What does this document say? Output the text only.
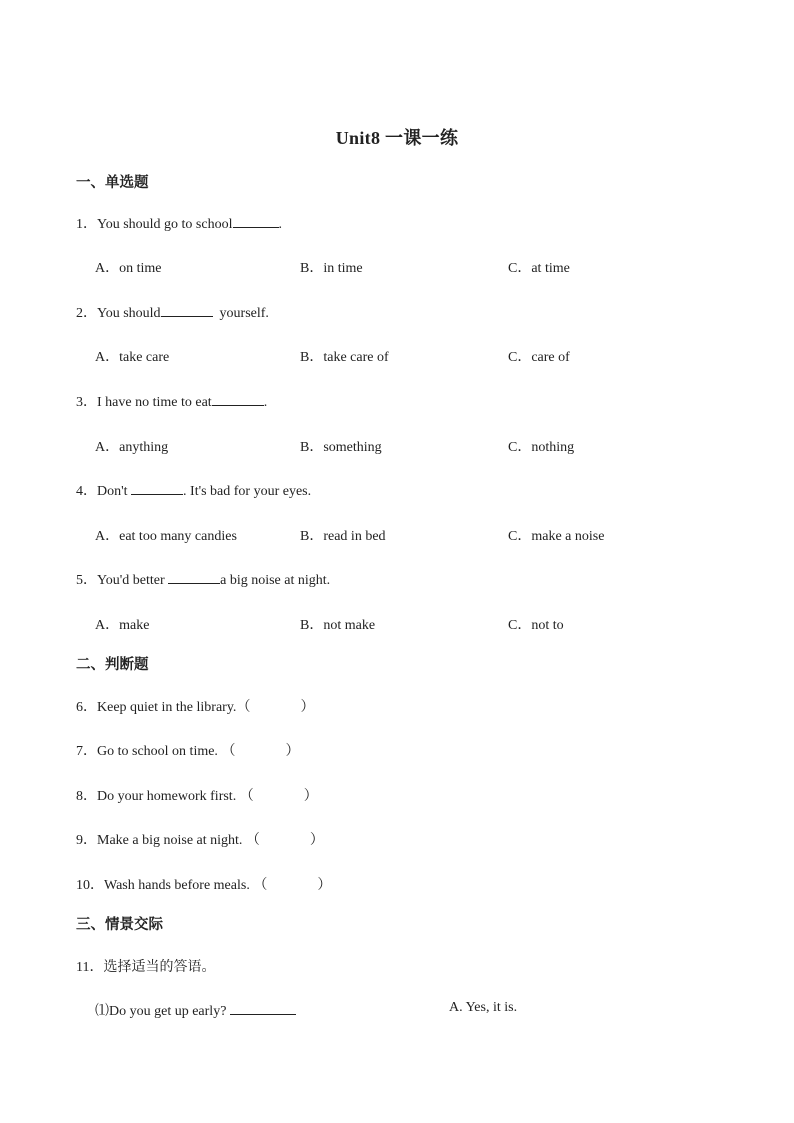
Unit8 一课一练
一、单选题
1．You should go to school	.
A．on time	B．in time	C．at time
2．You should	yourself.
A．take care	B．take care of	C．care of
3．I have no time to eat	.
A．anything	B．something	C．nothing
4．Don't	. It's bad for your eyes.
A．eat too many candies	B．read in bed	C．make a noise
5．You'd better	a big noise at night.
A．make	B．not make	C．not to
二、判断题
6．Keep quiet in the library.（	）
7．Go to school on time. （	）
8．Do your homework first. （	）
9．Make a big noise at night. （	）
10．Wash hands before meals. （	）
三、情景交际
11．选择适当的答语。
⑴Do you get up early?	A. Yes, it is.
